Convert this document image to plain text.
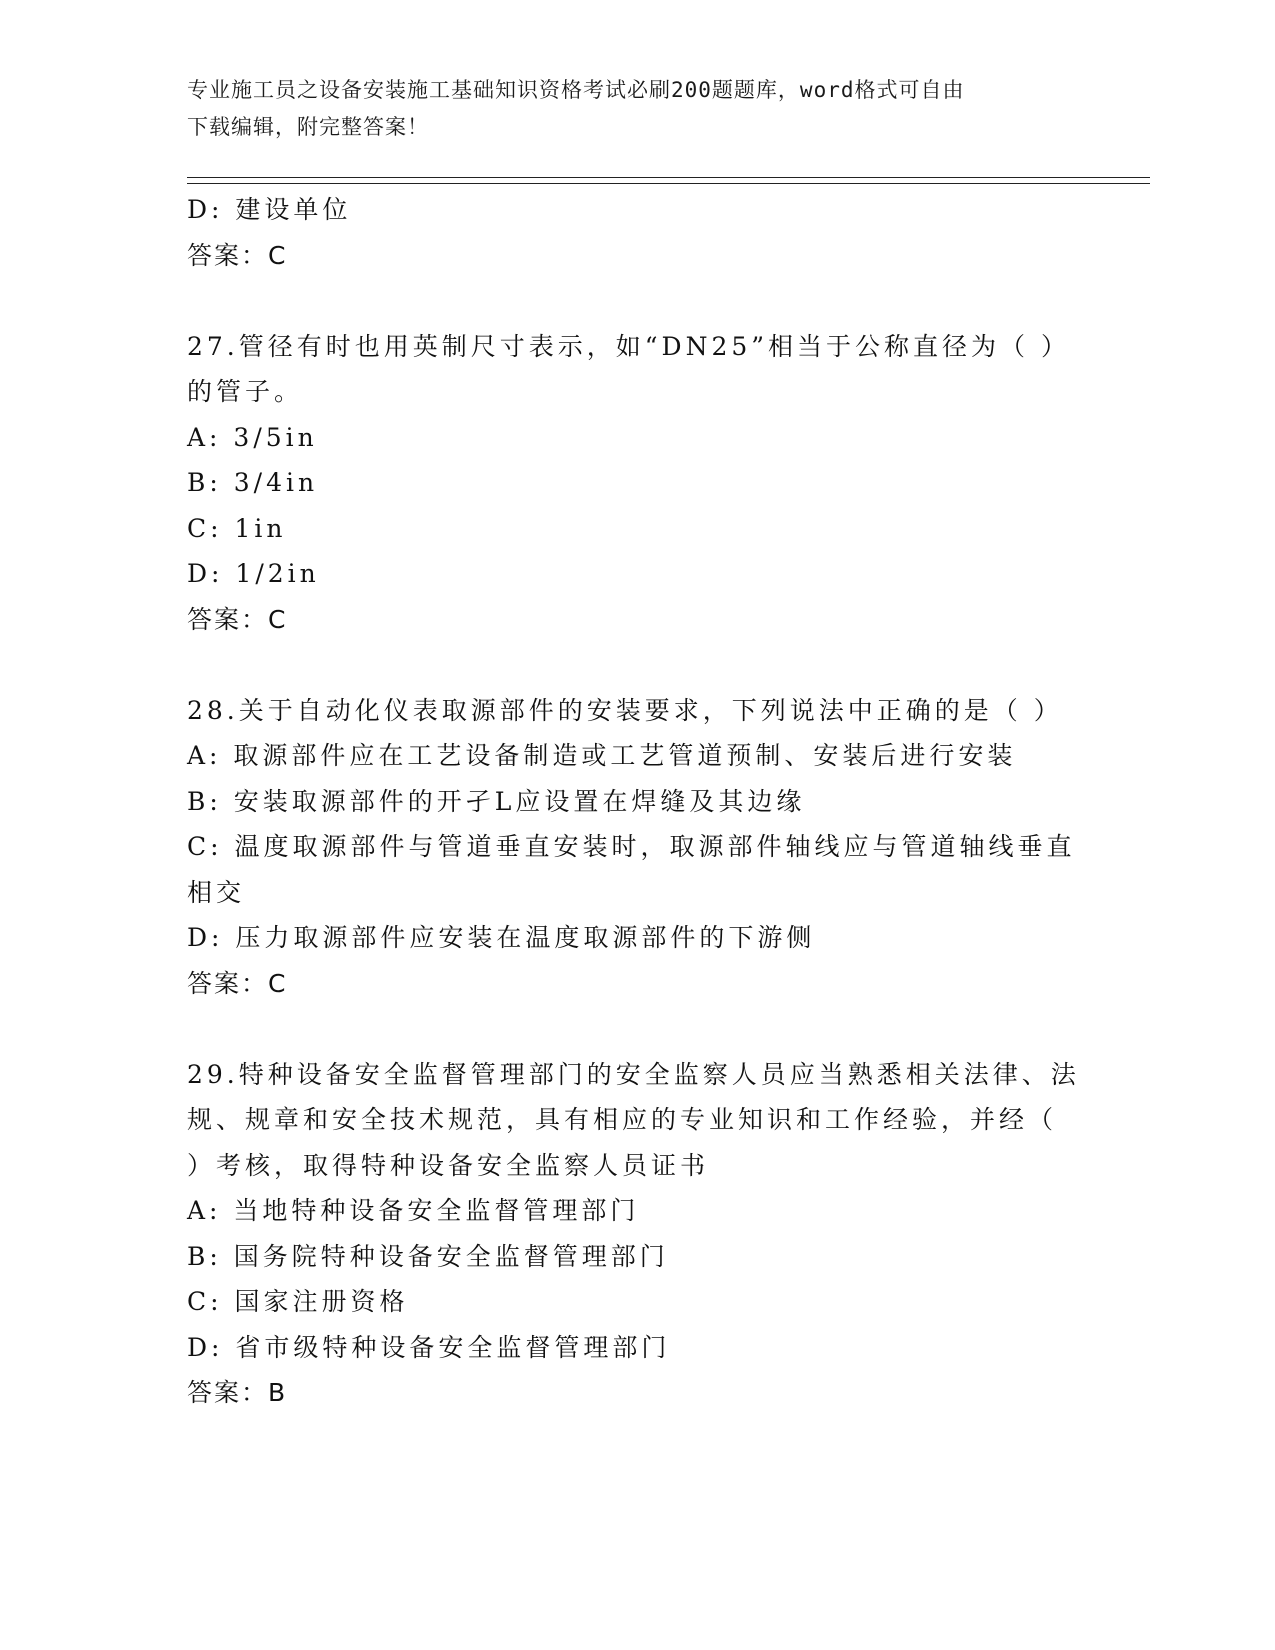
专业施工员之设备安装施工基础知识资格考试必刷200题题库，word格式可自由
下载编辑，附完整答案！
D: 建设单位
答案：C
27.管径有时也用英制尺寸表示，如“DN25”相当于公称直径为（ ）
的管子。
A: 3/5in
B: 3/4in
C: 1in
D: 1/2in
答案：C
28.关于自动化仪表取源部件的安装要求，下列说法中正确的是（ ）
A: 取源部件应在工艺设备制造或工艺管道预制、安装后进行安装
B: 安装取源部件的开孑L应设置在焊缝及其边缘
C: 温度取源部件与管道垂直安装时，取源部件轴线应与管道轴线垂直
相交
D: 压力取源部件应安装在温度取源部件的下游侧
答案：C
29.特种设备安全监督管理部门的安全监察人员应当熟悉相关法律、法
规、规章和安全技术规范，具有相应的专业知识和工作经验，并经（
）考核，取得特种设备安全监察人员证书
A: 当地特种设备安全监督管理部门
B: 国务院特种设备安全监督管理部门
C: 国家注册资格
D: 省市级特种设备安全监督管理部门
答案：B
